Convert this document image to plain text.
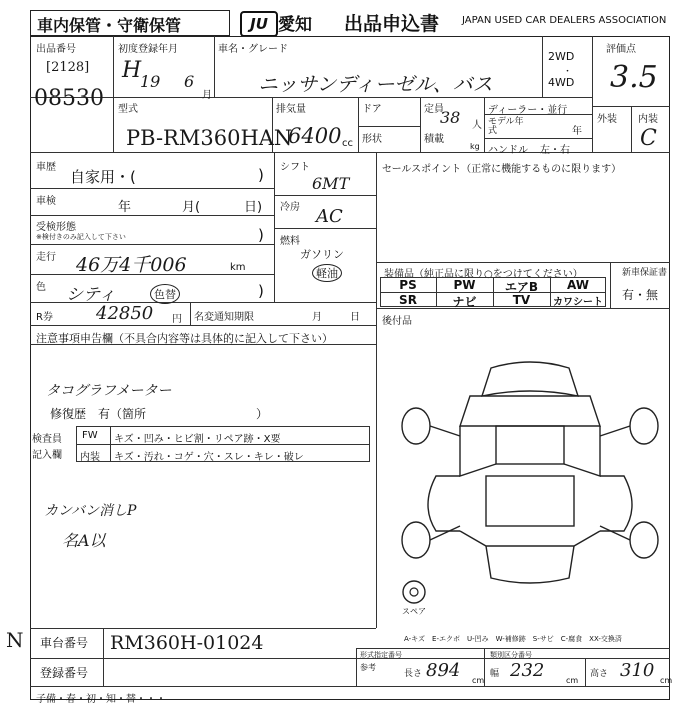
車内保管・守衛保管	JU 愛知 出品申込書 JAPAN USED CAR DEALERS ASSOCIATION
出品番号
[2128]
08530
初度登録年月
H
19 6
月
車名・グレード
ニッサンディーゼル、バス
2WD
・
4WD
評価点
3.5
外装 内装
C
型式
PB-RM360HAN
排気量
6400 cc
ドア
形状
定員
38 人
積載
kg
ディーラー・並行
モデル年式	年
ハンドル 左・右
車歴
自家用・(	)
車検	年	月(	日)
受検形態
※検付きのみ記入して下さい	)
走行 46万4千006	km
色 シティ	色替	)
R券 42850 円 名変通知期限	月	日
シフト
6MT
冷房 AC
燃料
ガソリン
軽油
セールスポイント（正常に機能するものに限ります）
装備品（純正品に限り○をつけてください）	新車保証書
有・無
PS	PW	エアB	AW
SR	ナビ	TV	カワシート
後付品
注意事項申告欄（不具合内容等は具体的に記入して下さい）
タコグラフメーター
修復歴　有（箇所	）
検査員
記入欄
FW キズ・凹み・ヒビ割・リペア跡・X要
内装 キズ・汚れ・コゲ・穴・スレ・キレ・破レ
カンバン消しP
名A以
スペア
A-キズ　E-エクボ　U-凹み　W-補修跡　S-サビ　C-腐食　XX-交換済
N 車台番号 RM360H-01024
登録番号
形式指定番号	類別区分番号
参考
長さ 894 cm
幅 232	cm
高さ 310 cm
子備・春・初・知・替・・・
